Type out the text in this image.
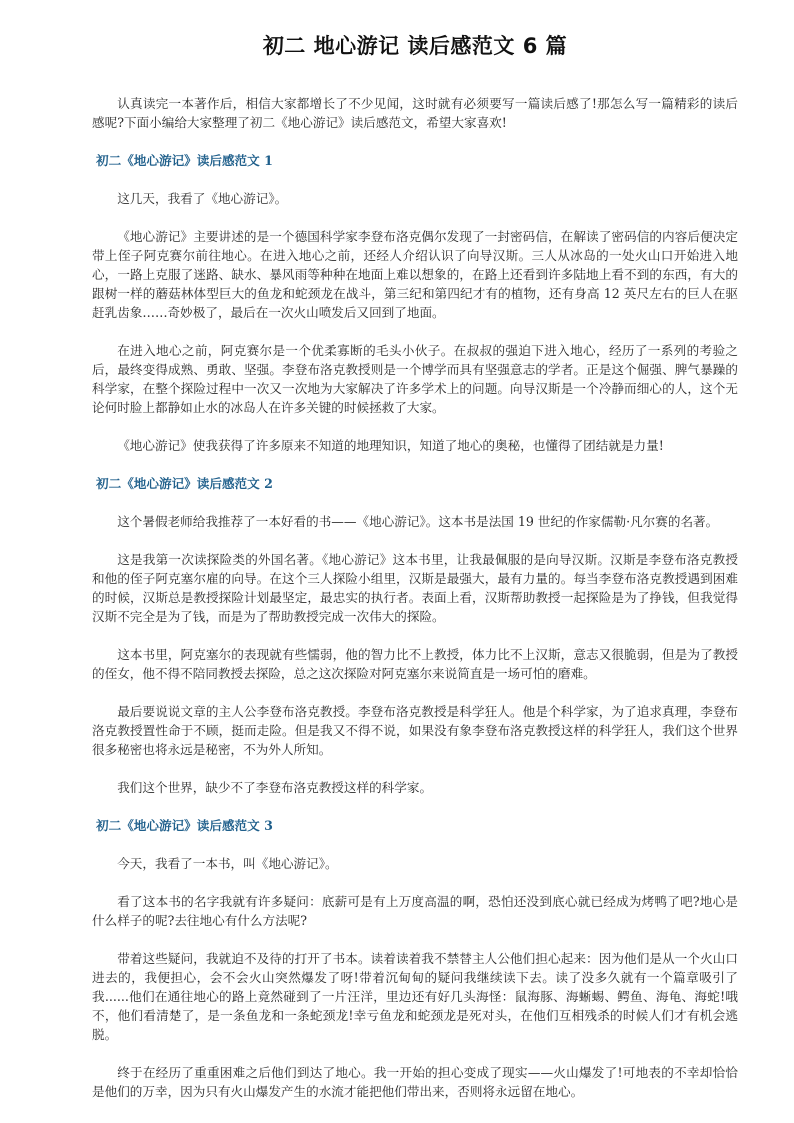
初二 地心游记 读后感范文 6 篇

认真读完一本著作后，相信大家都增长了不少见闻，这时就有必须要写一篇读后感了!那怎么写一篇精彩的读后感呢?下面小编给大家整理了初二《地心游记》读后感范文，希望大家喜欢!

初二《地心游记》读后感范文 1

这几天，我看了《地心游记》。

《地心游记》主要讲述的是一个德国科学家李登布洛克偶尔发现了一封密码信，在解读了密码信的内容后便决定带上侄子阿克赛尔前往地心。在进入地心之前，还经人介绍认识了向导汉斯。三人从冰岛的一处火山口开始进入地心，一路上克服了迷路、缺水、暴风雨等种种在地面上难以想象的，在路上还看到许多陆地上看不到的东西，有大的跟树一样的蘑菇林体型巨大的鱼龙和蛇颈龙在战斗，第三纪和第四纪才有的植物，还有身高 12 英尺左右的巨人在驱赶乳齿象……奇妙极了，最后在一次火山喷发后又回到了地面。

在进入地心之前，阿克赛尔是一个优柔寡断的毛头小伙子。在叔叔的强迫下进入地心，经历了一系列的考验之后，最终变得成熟、勇敢、坚强。李登布洛克教授则是一个博学而具有坚强意志的学者。正是这个倔强、脾气暴躁的科学家，在整个探险过程中一次又一次地为大家解决了许多学术上的问题。向导汉斯是一个冷静而细心的人，这个无论何时脸上都静如止水的冰岛人在许多关键的时候拯救了大家。

《地心游记》使我获得了许多原来不知道的地理知识，知道了地心的奥秘，也懂得了团结就是力量!

初二《地心游记》读后感范文 2

这个暑假老师给我推荐了一本好看的书——《地心游记》。这本书是法国 19 世纪的作家儒勒·凡尔赛的名著。

这是我第一次读探险类的外国名著。《地心游记》这本书里，让我最佩服的是向导汉斯。汉斯是李登布洛克教授和他的侄子阿克塞尔雇的向导。在这个三人探险小组里，汉斯是最强大，最有力量的。每当李登布洛克教授遇到困难的时候，汉斯总是教授探险计划最坚定，最忠实的执行者。表面上看，汉斯帮助教授一起探险是为了挣钱，但我觉得汉斯不完全是为了钱，而是为了帮助教授完成一次伟大的探险。

这本书里，阿克塞尔的表现就有些懦弱，他的智力比不上教授，体力比不上汉斯，意志又很脆弱，但是为了教授的侄女，他不得不陪同教授去探险，总之这次探险对阿克塞尔来说简直是一场可怕的磨难。

最后要说说文章的主人公李登布洛克教授。李登布洛克教授是科学狂人。他是个科学家，为了追求真理，李登布洛克教授置性命于不顾，挺而走险。但是我又不得不说，如果没有象李登布洛克教授这样的科学狂人，我们这个世界很多秘密也将永远是秘密，不为外人所知。

我们这个世界，缺少不了李登布洛克教授这样的科学家。

初二《地心游记》读后感范文 3

今天，我看了一本书，叫《地心游记》。

看了这本书的名字我就有许多疑问：底薪可是有上万度高温的啊，恐怕还没到底心就已经成为烤鸭了吧?地心是什么样子的呢?去往地心有什么方法呢?

带着这些疑问，我就迫不及待的打开了书本。读着读着我不禁替主人公他们担心起来：因为他们是从一个火山口进去的，我便担心，会不会火山突然爆发了呀!带着沉甸甸的疑问我继续读下去。读了没多久就有一个篇章吸引了我......他们在通往地心的路上竟然碰到了一片汪洋，里边还有好几头海怪：鼠海豚、海蜥蜴、鳄鱼、海龟、海蛇!哦不，他们看清楚了，是一条鱼龙和一条蛇颈龙!幸亏鱼龙和蛇颈龙是死对头，在他们互相残杀的时候人们才有机会逃脱。

终于在经历了重重困难之后他们到达了地心。我一开始的担心变成了现实——火山爆发了!可地表的不幸却恰恰是他们的万幸，因为只有火山爆发产生的水流才能把他们带出来，否则将永远留在地心。
